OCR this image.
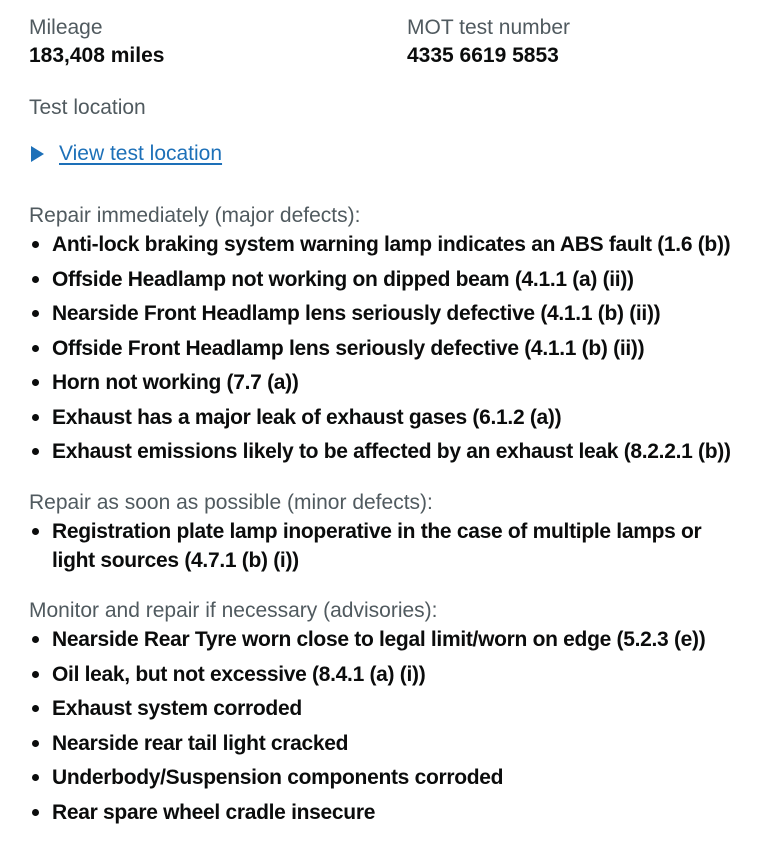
Mileage
183,408 miles
MOT test number
4335 6619 5853
Test location
View test location
Repair immediately (major defects):
Anti-lock braking system warning lamp indicates an ABS fault (1.6 (b))
Offside Headlamp not working on dipped beam (4.1.1 (a) (ii))
Nearside Front Headlamp lens seriously defective (4.1.1 (b) (ii))
Offside Front Headlamp lens seriously defective (4.1.1 (b) (ii))
Horn not working (7.7 (a))
Exhaust has a major leak of exhaust gases (6.1.2 (a))
Exhaust emissions likely to be affected by an exhaust leak (8.2.2.1 (b))
Repair as soon as possible (minor defects):
Registration plate lamp inoperative in the case of multiple lamps or light sources (4.7.1 (b) (i))
Monitor and repair if necessary (advisories):
Nearside Rear Tyre worn close to legal limit/worn on edge (5.2.3 (e))
Oil leak, but not excessive (8.4.1 (a) (i))
Exhaust system corroded
Nearside rear tail light cracked
Underbody/Suspension components corroded
Rear spare wheel cradle insecure
